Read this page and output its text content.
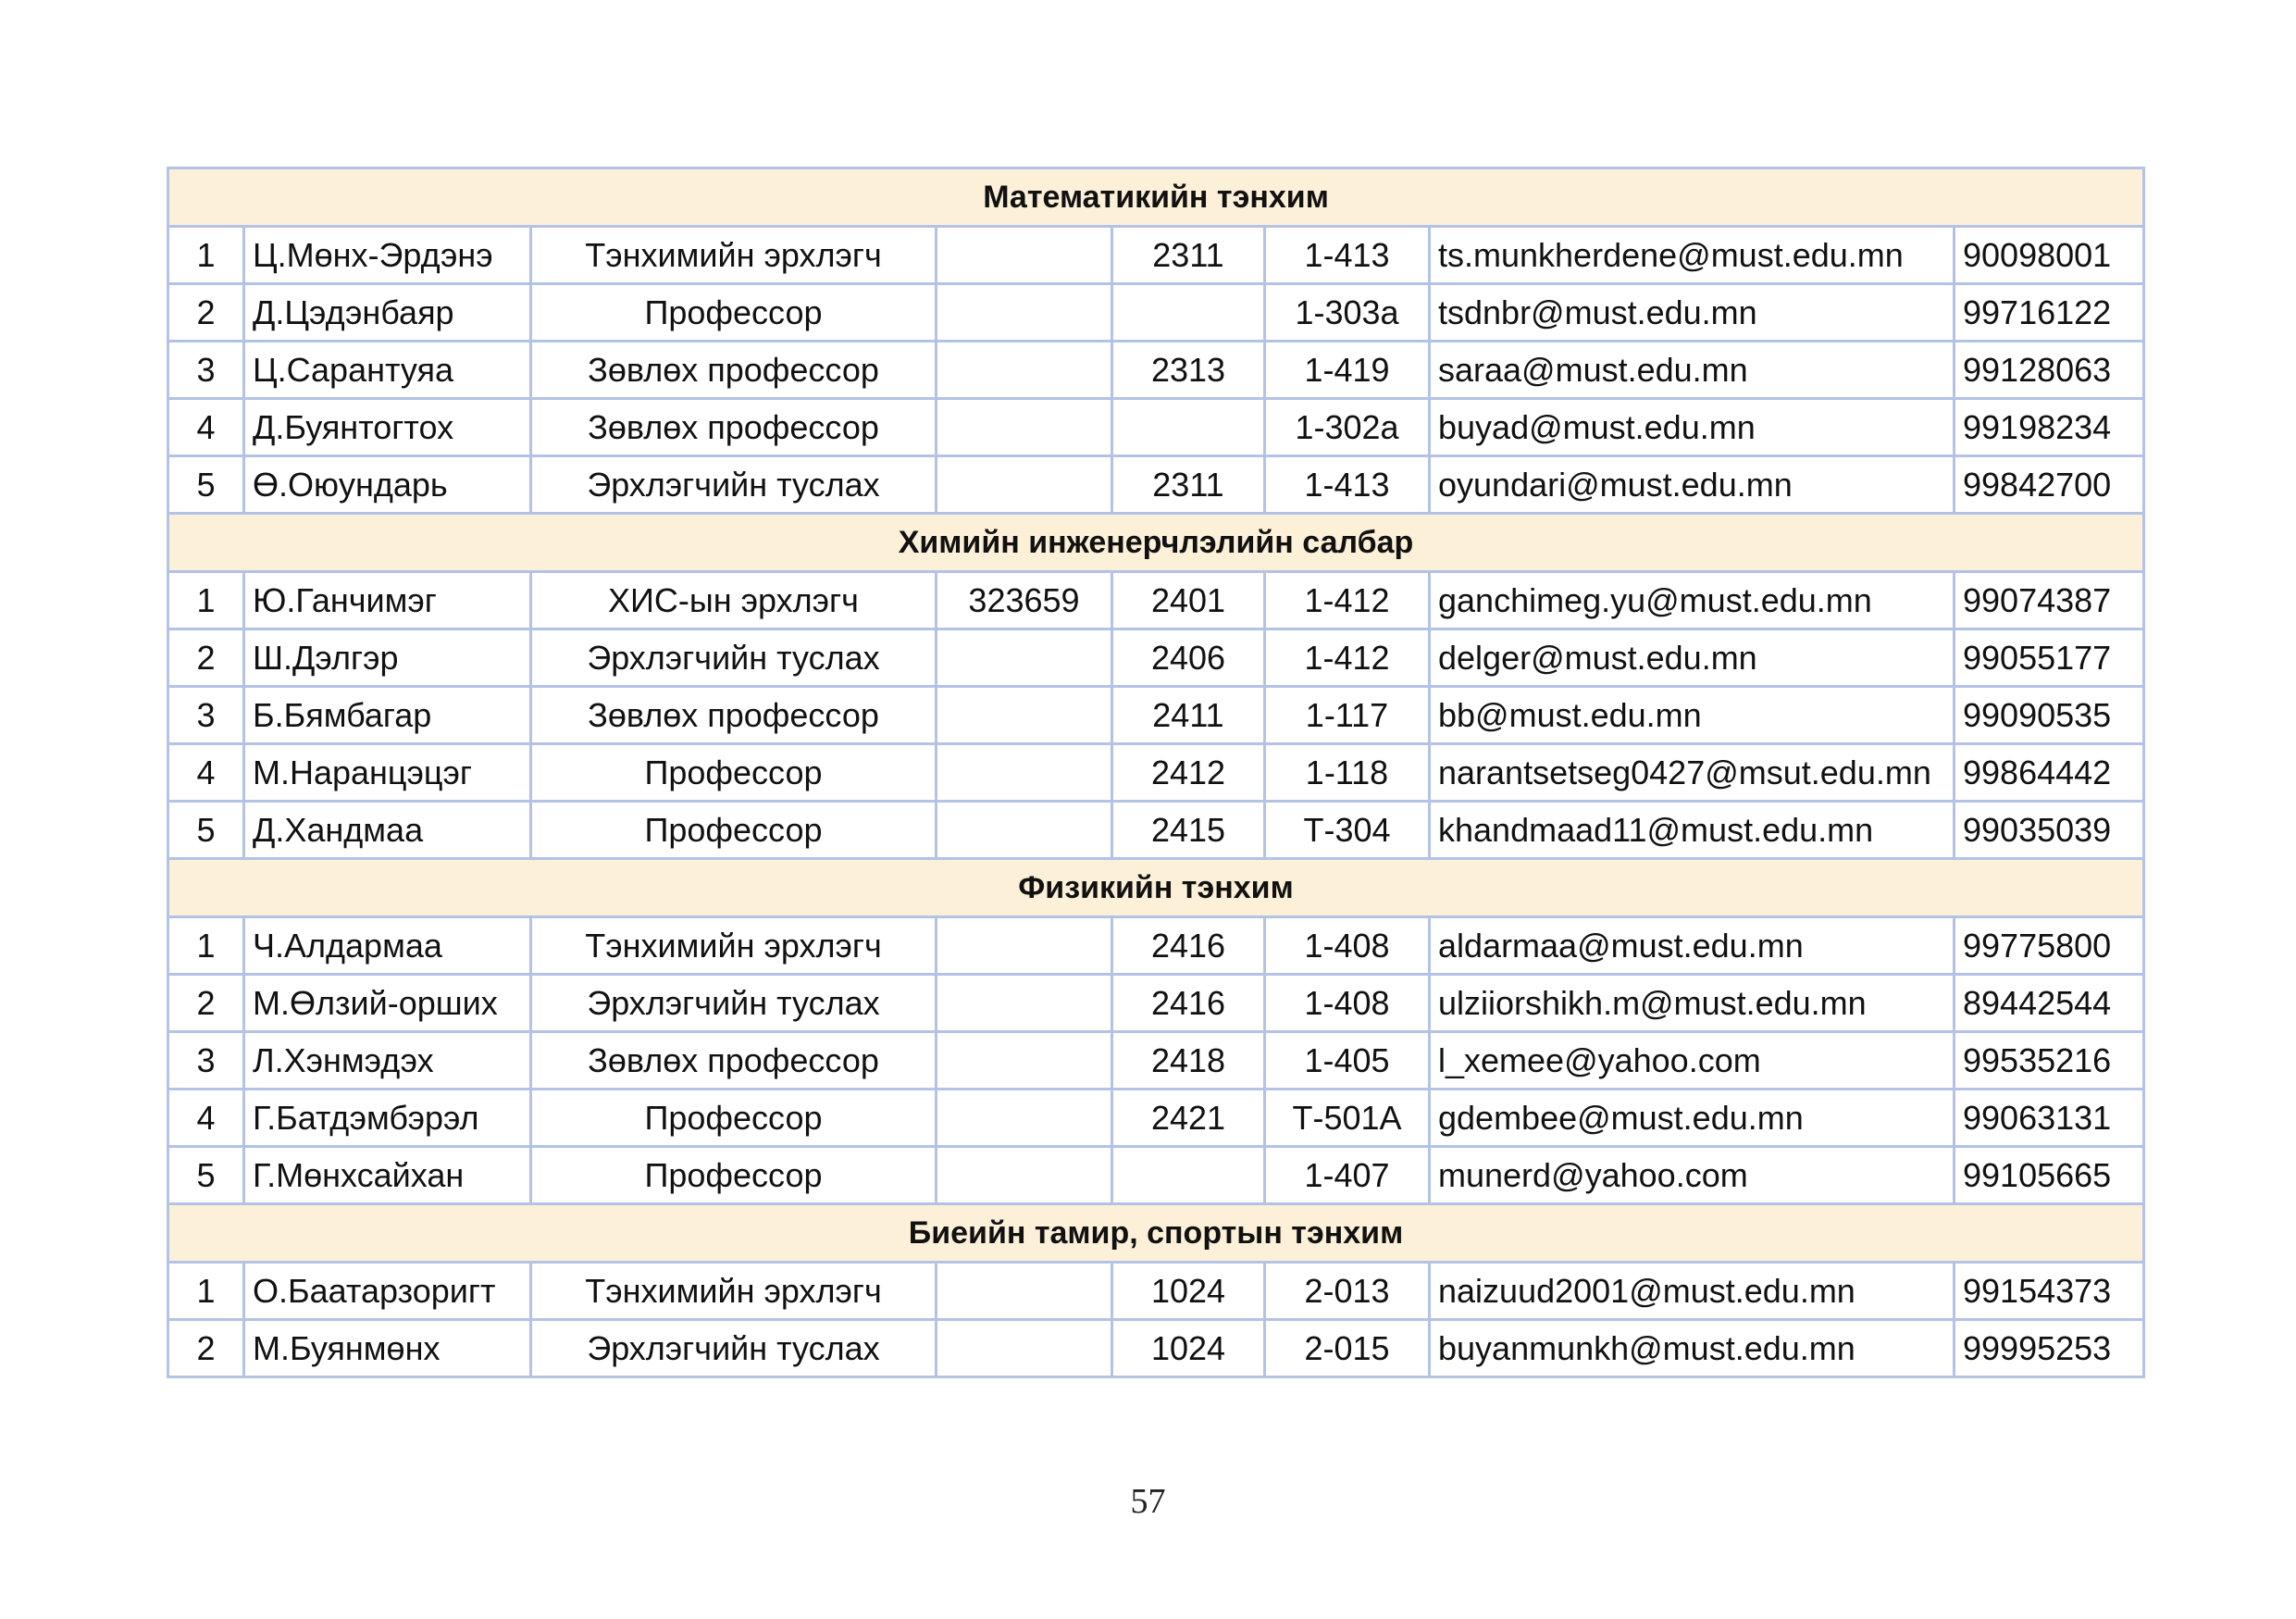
Математикийн тэнхим							
1	Ц.Мөнх-Эрдэнэ	Тэнхимийн эрхлэгч		2311	1-413	ts.munkherdene@must.edu.mn	90098001
2	Д.Цэдэнбаяр	Профессор			1-303а	tsdnbr@must.edu.mn	99716122
3	Ц.Сарантуяа	Зөвлөх профессор		2313	1-419	saraa@must.edu.mn	99128063
4	Д.Буянтогтох	Зөвлөх профессор			1-302а	buyad@must.edu.mn	99198234
5	Ө.Оюундарь	Эрхлэгчийн туслах		2311	1-413	oyundari@must.edu.mn	99842700
Химийн инженерчлэлийн салбар							
1	Ю.Ганчимэг	ХИС-ын эрхлэгч	323659	2401	1-412	ganchimeg.yu@must.edu.mn	99074387
2	Ш.Дэлгэр	Эрхлэгчийн туслах		2406	1-412	delger@must.edu.mn	99055177
3	Б.Бямбагар	Зөвлөх профессор		2411	1-117	bb@must.edu.mn	99090535
4	М.Наранцэцэг	Профессор		2412	1-118	narantsetseg0427@msut.edu.mn	99864442
5	Д.Хандмаа	Профессор		2415	Т-304	khandmaad11@must.edu.mn	99035039
Физикийн тэнхим							
1	Ч.Алдармаа	Тэнхимийн эрхлэгч		2416	1-408	aldarmaa@must.edu.mn	99775800
2	М.Өлзий-орших	Эрхлэгчийн туслах		2416	1-408	ulziiorshikh.m@must.edu.mn	89442544
3	Л.Хэнмэдэх	Зөвлөх профессор		2418	1-405	l_xemee@yahoo.com	99535216
4	Г.Батдэмбэрэл	Профессор		2421	Т-501А	gdembee@must.edu.mn	99063131
5	Г.Мөнхсайхан	Профессор			1-407	munerd@yahoo.com	99105665
Биеийн тамир, спортын тэнхим							
1	О.Баатарзоригт	Тэнхимийн эрхлэгч		1024	2-013	naizuud2001@must.edu.mn	99154373
2	М.Буянмөнх	Эрхлэгчийн туслах		1024	2-015	buyanmunkh@must.edu.mn	99995253
57
